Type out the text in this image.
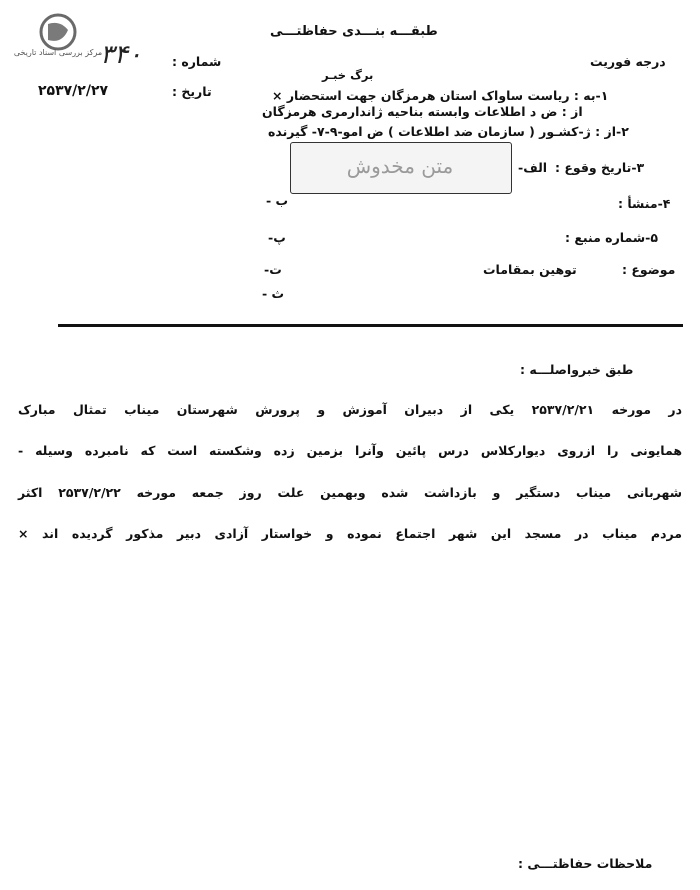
مرکز بررسی اسناد تاریخی
طبقـــه بنـــدی حفاظتـــی
درجه فوریت
شماره :
۳۴۰
تاریخ :
۲۵۳۷/۲/۲۷
برگ خبـر
۱-به : ریاست ساواک استان هرمزگان جهت استحضار ×
از : ض د اطلاعات وابسته بناحیه ژاندارمری هرمزگان
۲-از : ژ-کشـور ( سازمان ضد اطلاعات ) ض امو-۹-۷- گیرنده
متن مخدوش	۳-تاریخ وقوع :
الف-
۴-منشأ :
ب -
۵-شماره منبع :
پ-
موضوع :
توهین بمقامات
ت-
ث -
طبق خبرواصلـــه :
در مورخه ۲۵۳۷/۲/۲۱ یکی از دبیران آموزش و پرورش شهرستان میناب تمثال مبارک
همایونی را ازروی دیوارکلاس درس پائین وآنرا بزمین زده وشکسته است که نامبرده وسیله -
شهربانی میناب دستگیر و بازداشت شده وبهمین علت روز جمعه مورخه ۲۵۳۷/۲/۲۲ اکثر
مردم میناب در مسجد این شهر اجتماع نموده و خواستار آزادی دبیر مذکور گردیده اند ×
ملاحظات حفاظتـــی :
